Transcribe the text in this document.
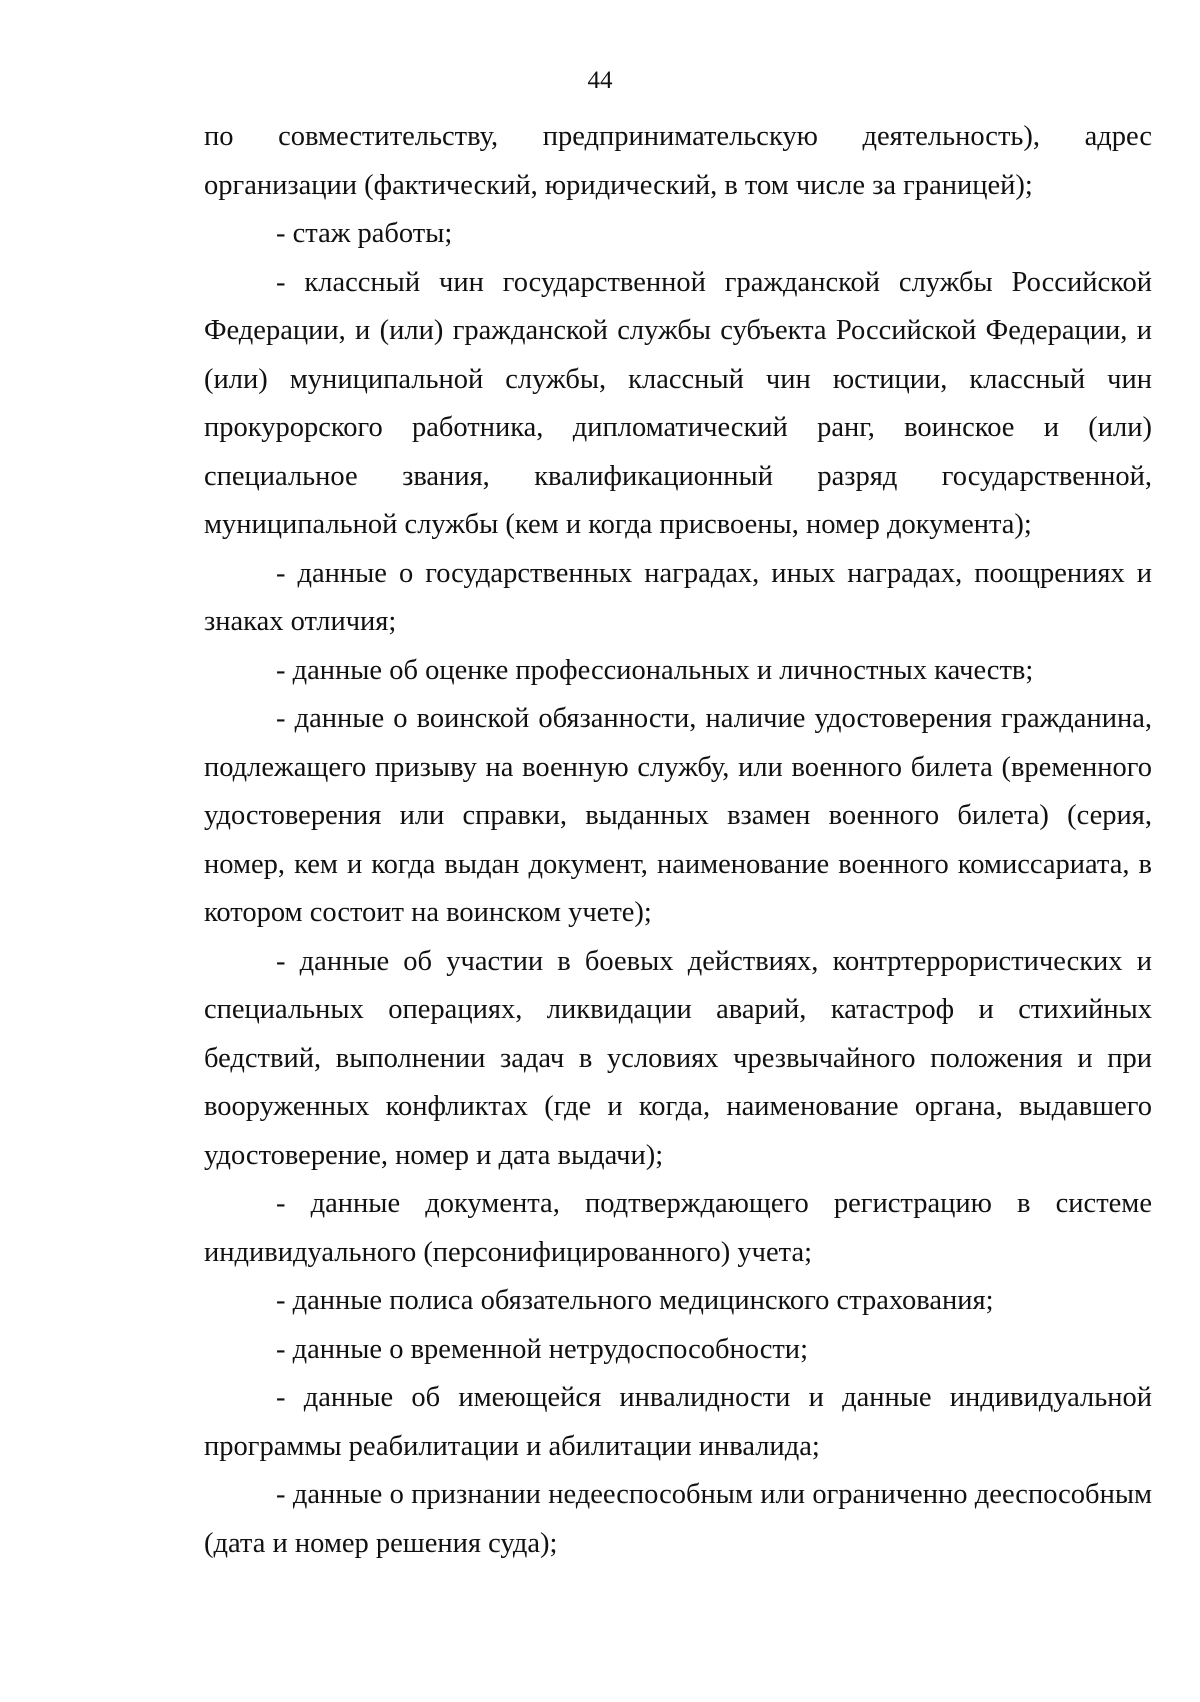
44

по совместительству, предпринимательскую деятельность), адрес организации (фактический, юридический, в том числе за границей);

- стаж работы;

- классный чин государственной гражданской службы Российской Федерации, и (или) гражданской службы субъекта Российской Федерации, и (или) муниципальной службы, классный чин юстиции, классный чин прокурорского работника, дипломатический ранг, воинское и (или) специальное звания, квалификационный разряд государственной, муниципальной службы (кем и когда присвоены, номер документа);

- данные о государственных наградах, иных наградах, поощрениях и знаках отличия;

- данные об оценке профессиональных и личностных качеств;

- данные о воинской обязанности, наличие удостоверения гражданина, подлежащего призыву на военную службу, или военного билета (временного удостоверения или справки, выданных взамен военного билета) (серия, номер, кем и когда выдан документ, наименование военного комиссариата, в котором состоит на воинском учете);

- данные об участии в боевых действиях, контртеррористических и специальных операциях, ликвидации аварий, катастроф и стихийных бедствий, выполнении задач в условиях чрезвычайного положения и при вооруженных конфликтах (где и когда, наименование органа, выдавшего удостоверение, номер и дата выдачи);

- данные документа, подтверждающего регистрацию в системе индивидуального (персонифицированного) учета;

- данные полиса обязательного медицинского страхования;

- данные о временной нетрудоспособности;

- данные об имеющейся инвалидности и данные индивидуальной программы реабилитации и абилитации инвалида;

- данные о признании недееспособным или ограниченно дееспособным (дата и номер решения суда);
